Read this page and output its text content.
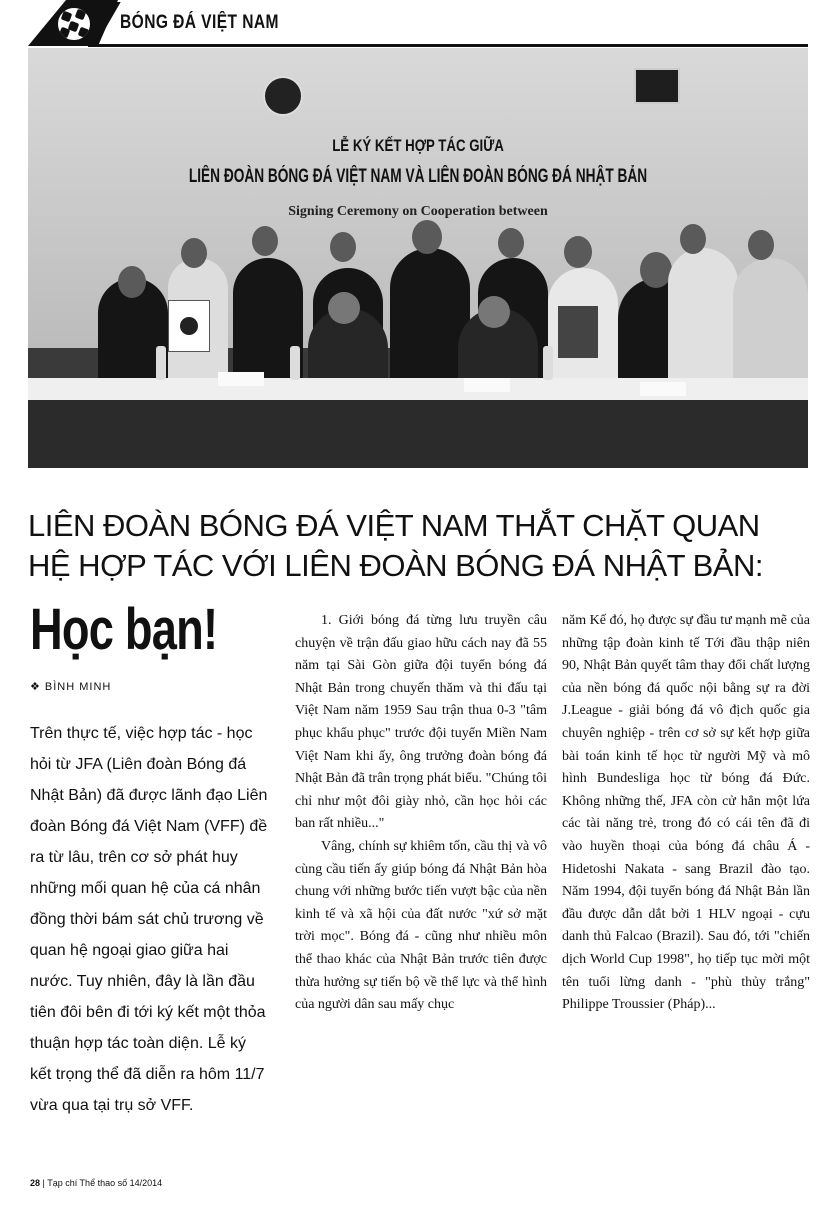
BÓNG ĐÁ VIỆT NAM
LỄ KÝ KẾT HỢP TÁC GIỮA
LIÊN ĐOÀN BÓNG ĐÁ VIỆT NAM VÀ LIÊN ĐOÀN BÓNG ĐÁ NHẬT BẢN
Signing Ceremony on Cooperation between
LIÊN ĐOÀN BÓNG ĐÁ VIỆT NAM THẮT CHẶT QUAN
HỆ HỢP TÁC VỚI LIÊN ĐOÀN BÓNG ĐÁ NHẬT BẢN:
Học bạn!
❖ BÌNH MINH
Trên thực tế, việc hợp tác - học hỏi từ JFA (Liên đoàn Bóng đá Nhật Bản) đã được lãnh đạo Liên đoàn Bóng đá Việt Nam (VFF) đề ra từ lâu, trên cơ sở phát huy những mối quan hệ của cá nhân đồng thời bám sát chủ trương về quan hệ ngoại giao giữa hai nước. Tuy nhiên, đây là lần đầu tiên đôi bên đi tới ký kết một thỏa thuận hợp tác toàn diện. Lễ ký kết trọng thể đã diễn ra hôm 11/7 vừa qua tại trụ sở VFF.

1. Giới bóng đá từng lưu truyền câu chuyện về trận đấu giao hữu cách nay đã 55 năm tại Sài Gòn giữa đội tuyển bóng đá Nhật Bản trong chuyến thăm và thi đấu tại Việt Nam năm 1959 Sau trận thua 0-3 "tâm phục khẩu phục" trước đội tuyển Miền Nam Việt Nam khi ấy, ông trưởng đoàn bóng đá Nhật Bản đã trân trọng phát biểu. "Chúng tôi chỉ như một đôi giày nhỏ, cần học hỏi các ban rất nhiều..."

Vâng, chính sự khiêm tốn, cầu thị và vô cùng cầu tiến ấy giúp bóng đá Nhật Bản hòa chung với những bước tiến vượt bậc của nền kinh tế và xã hội của đất nước "xứ sở mặt trời mọc". Bóng đá - cũng như nhiều môn thể thao khác của Nhật Bản trước tiên được thừa hưởng sự tiến bộ về thể lực và thể hình của người dân sau mấy chục

năm Kế đó, họ được sự đầu tư mạnh mẽ của những tập đoàn kinh tế Tới đầu thập niên 90, Nhật Bản quyết tâm thay đổi chất lượng của nền bóng đá quốc nội bằng sự ra đời J.League - giải bóng đá vô địch quốc gia chuyên nghiệp - trên cơ sở sự kết hợp giữa bài toán kinh tế học từ người Mỹ và mô hình Bundesliga học từ bóng đá Đức. Không những thế, JFA còn cử hẳn một lứa các tài năng trẻ, trong đó có cái tên đã đi vào huyền thoại của bóng đá châu Á - Hidetoshi Nakata - sang Brazil đào tạo. Năm 1994, đội tuyển bóng đá Nhật Bản lần đầu được dẫn dắt bởi 1 HLV ngoại - cựu danh thủ Falcao (Brazil). Sau đó, tới "chiến dịch World Cup 1998", họ tiếp tục mời một tên tuổi lừng danh - "phù thủy trắng" Philippe Troussier (Pháp)...

28 | Tạp chí Thể thao số 14/2014
